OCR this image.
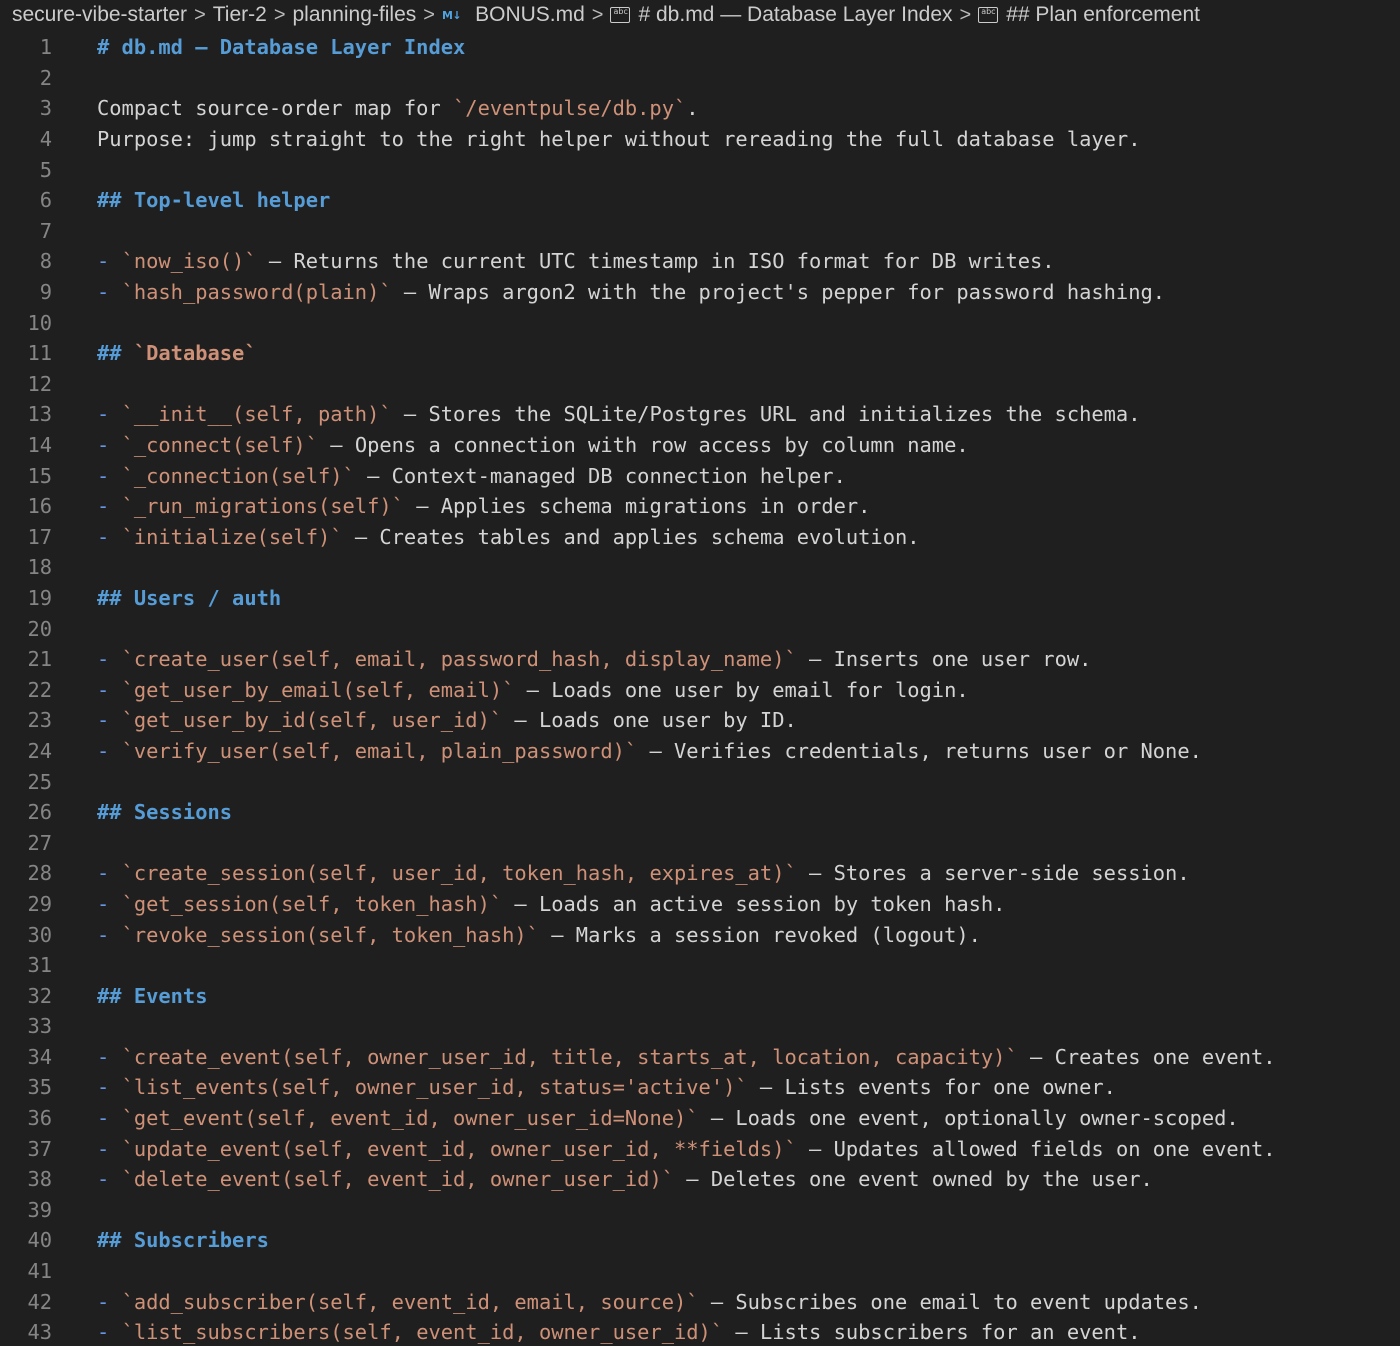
secure-vibe-starter > Tier-2 > planning-files > M↓ BONUS.md > abc # db.md — Database Layer Index > abc ## Plan enforcement
1 # db.md — Database Layer Index
2
3 Compact source-order map for `/eventpulse/db.py`.
4 Purpose: jump straight to the right helper without rereading the full database layer.
5
6 ## Top-level helper
7
8 - `now_iso()` — Returns the current UTC timestamp in ISO format for DB writes.
9 - `hash_password(plain)` — Wraps argon2 with the project's pepper for password hashing.
10
11 ## `Database`
12
13 - `__init__(self, path)` — Stores the SQLite/Postgres URL and initializes the schema.
14 - `_connect(self)` — Opens a connection with row access by column name.
15 - `_connection(self)` — Context-managed DB connection helper.
16 - `_run_migrations(self)` — Applies schema migrations in order.
17 - `initialize(self)` — Creates tables and applies schema evolution.
18
19 ## Users / auth
20
21 - `create_user(self, email, password_hash, display_name)` — Inserts one user row.
22 - `get_user_by_email(self, email)` — Loads one user by email for login.
23 - `get_user_by_id(self, user_id)` — Loads one user by ID.
24 - `verify_user(self, email, plain_password)` — Verifies credentials, returns user or None.
25
26 ## Sessions
27
28 - `create_session(self, user_id, token_hash, expires_at)` — Stores a server-side session.
29 - `get_session(self, token_hash)` — Loads an active session by token hash.
30 - `revoke_session(self, token_hash)` — Marks a session revoked (logout).
31
32 ## Events
33
34 - `create_event(self, owner_user_id, title, starts_at, location, capacity)` — Creates one event.
35 - `list_events(self, owner_user_id, status='active')` — Lists events for one owner.
36 - `get_event(self, event_id, owner_user_id=None)` — Loads one event, optionally owner-scoped.
37 - `update_event(self, event_id, owner_user_id, **fields)` — Updates allowed fields on one event.
38 - `delete_event(self, event_id, owner_user_id)` — Deletes one event owned by the user.
39
40 ## Subscribers
41
42 - `add_subscriber(self, event_id, email, source)` — Subscribes one email to event updates.
43 - `list_subscribers(self, event_id, owner_user_id)` — Lists subscribers for an event.
